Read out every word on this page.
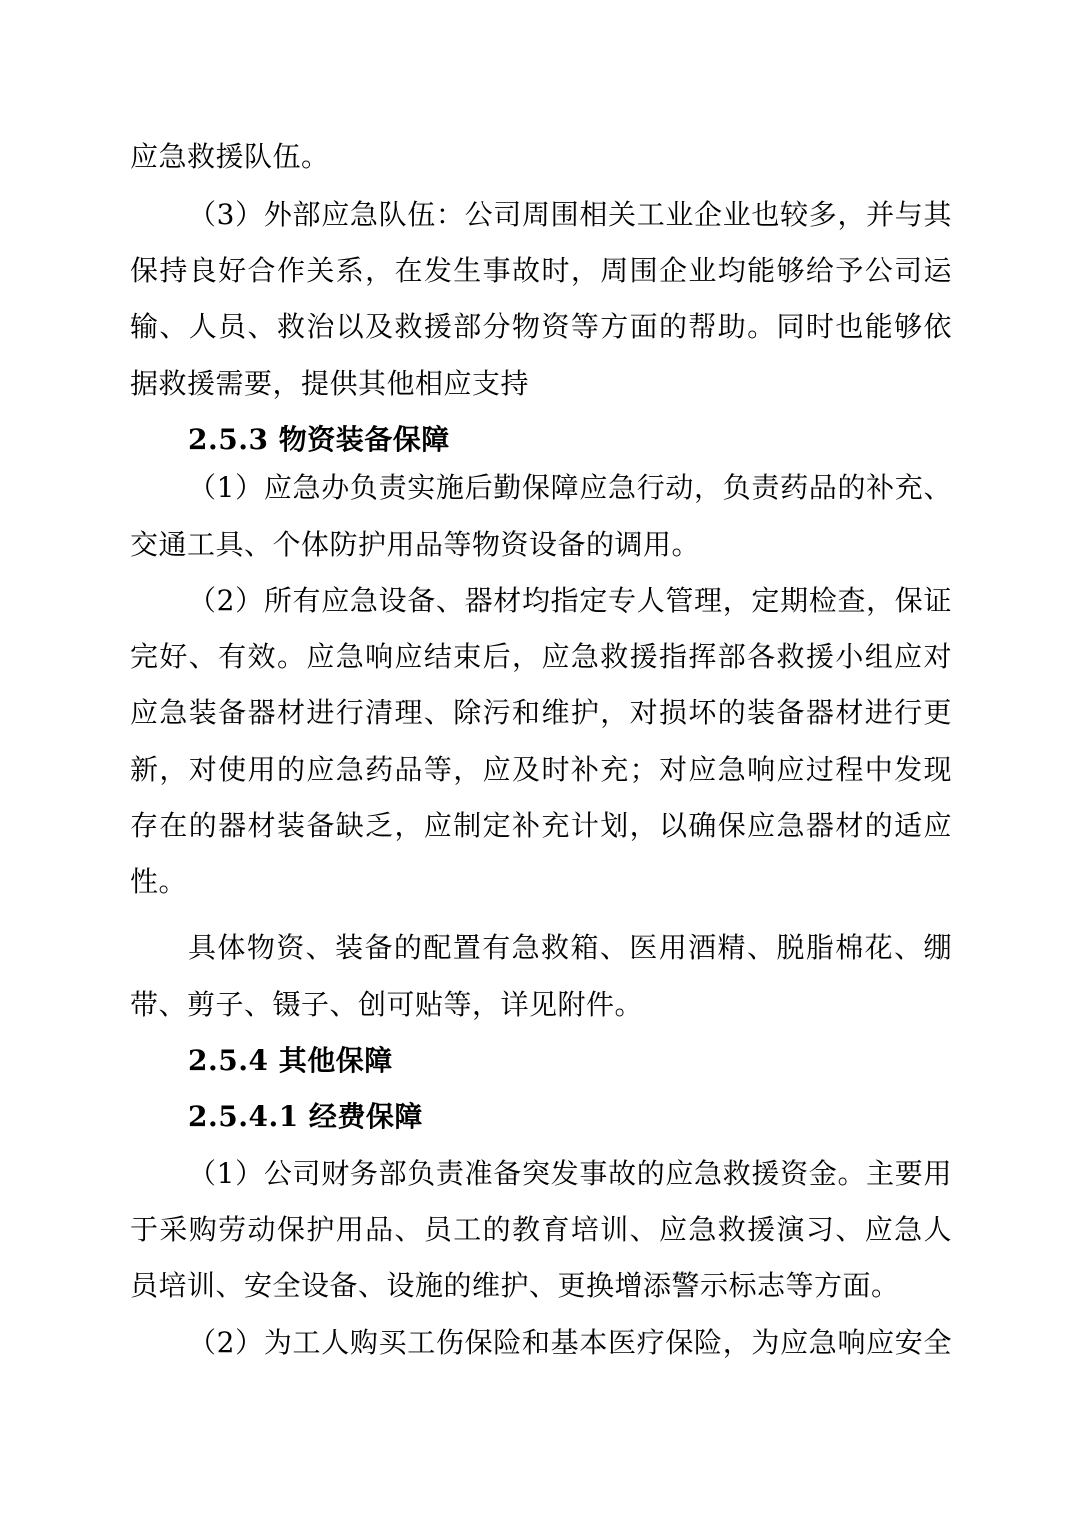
应急救援队伍。
（3）外部应急队伍：公司周围相关工业企业也较多，并与其
保持良好合作关系，在发生事故时，周围企业均能够给予公司运
输、人员、救治以及救援部分物资等方面的帮助。同时也能够依
据救援需要，提供其他相应支持
2.5.3 物资装备保障
（1）应急办负责实施后勤保障应急行动，负责药品的补充、
交通工具、个体防护用品等物资设备的调用。
（2）所有应急设备、器材均指定专人管理，定期检查，保证
完好、有效。应急响应结束后，应急救援指挥部各救援小组应对
应急装备器材进行清理、除污和维护，对损坏的装备器材进行更
新，对使用的应急药品等，应及时补充；对应急响应过程中发现
存在的器材装备缺乏，应制定补充计划，以确保应急器材的适应
性。
具体物资、装备的配置有急救箱、医用酒精、脱脂棉花、绷
带、剪子、镊子、创可贴等，详见附件。
2.5.4 其他保障
2.5.4.1 经费保障
（1）公司财务部负责准备突发事故的应急救援资金。主要用
于采购劳动保护用品、员工的教育培训、应急救援演习、应急人
员培训、安全设备、设施的维护、更换增添警示标志等方面。
（2）为工人购买工伤保险和基本医疗保险，为应急响应安全
